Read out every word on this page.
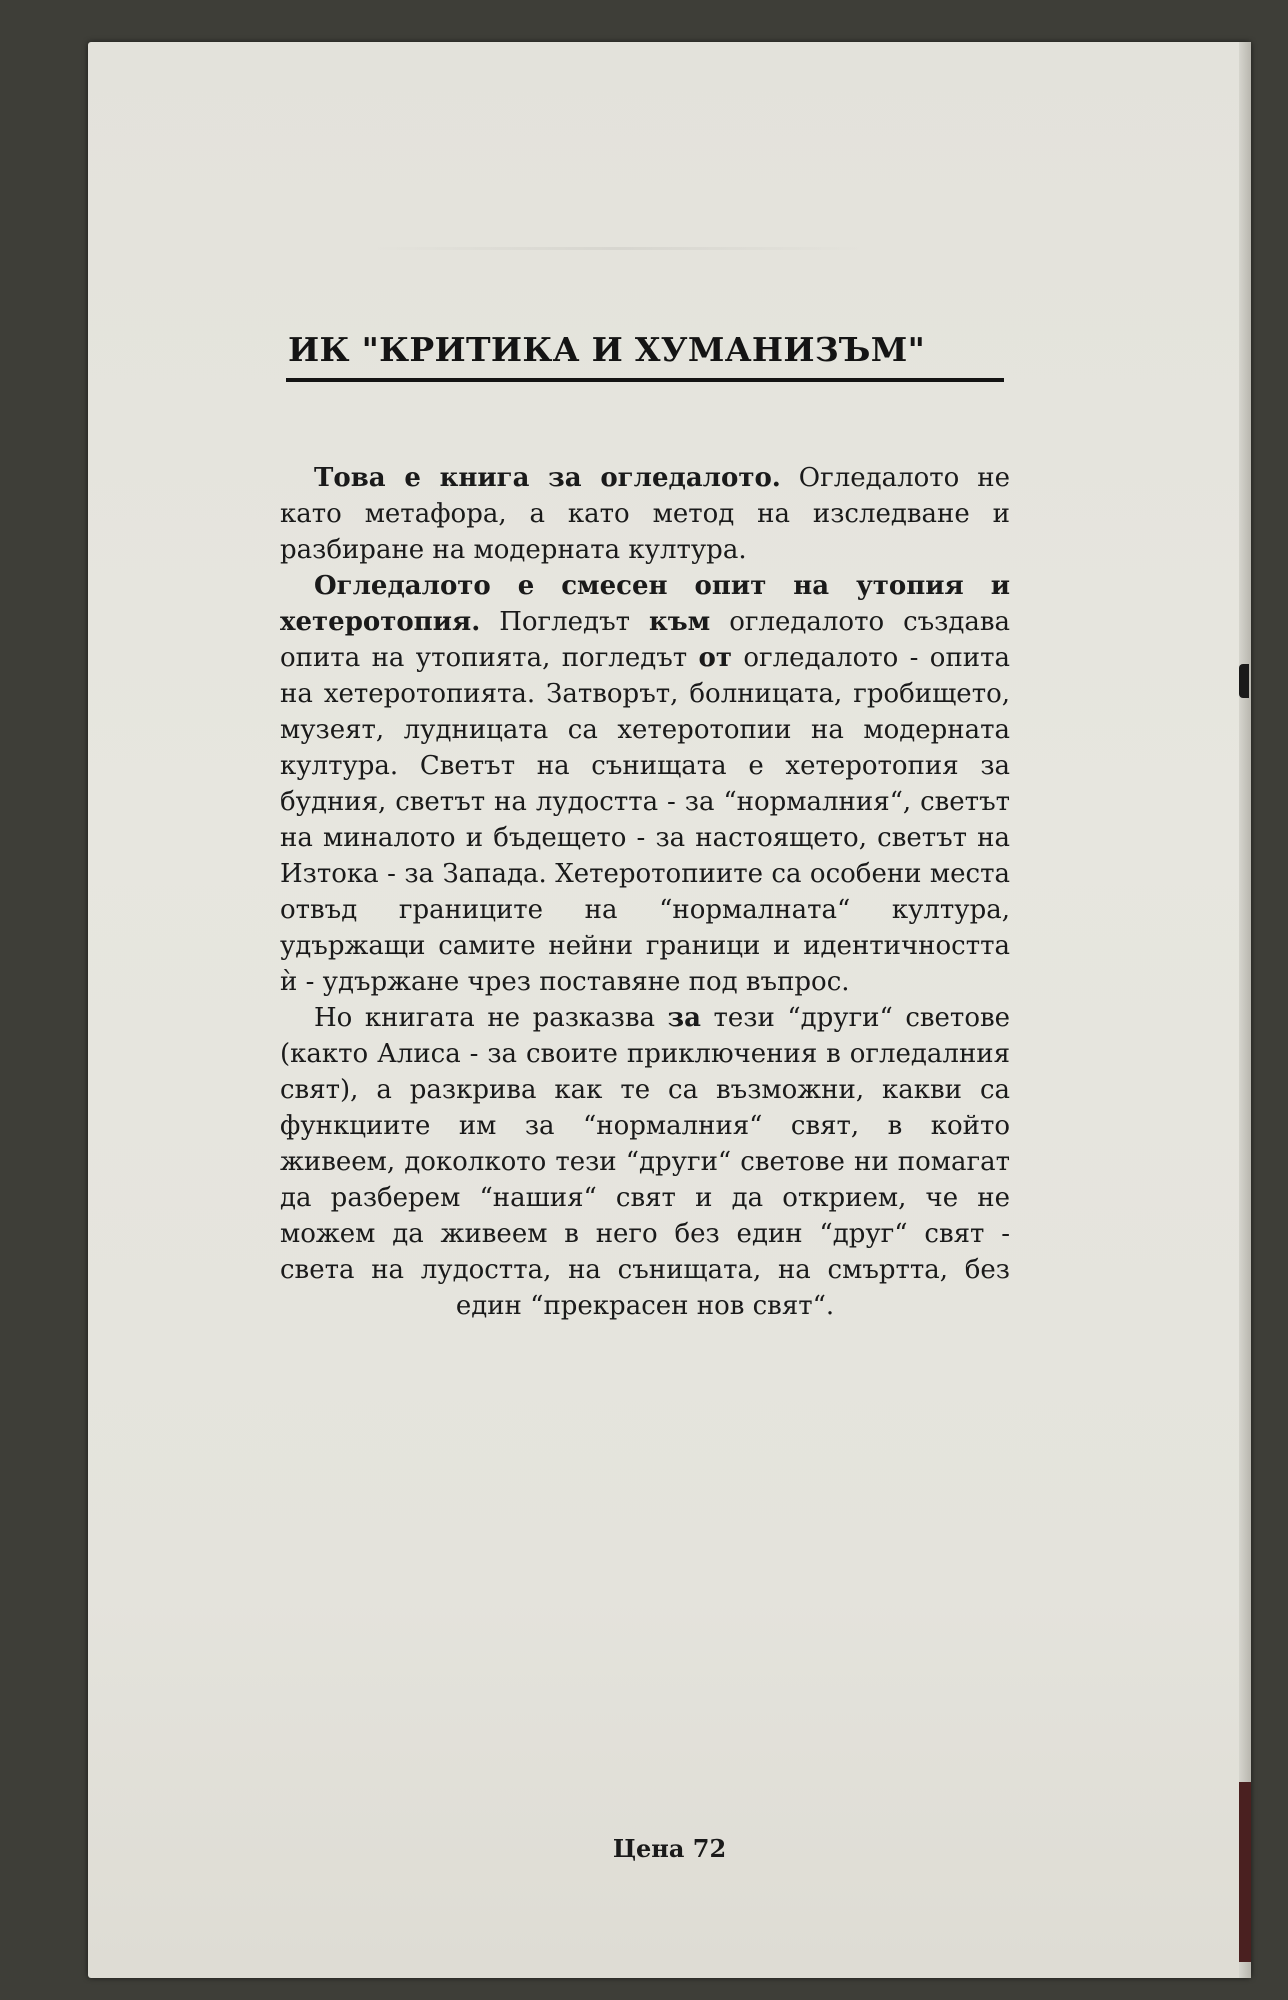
ИК "КРИТИКА И ХУМАНИЗЪМ"

Това е книга за огледалото. Огледалото не като метафора, а като метод на изследване и разбиране на модерната култура.

Огледалото е смесен опит на утопия и хетеротопия. Погледът към огледалото създава опита на утопията, погледът от огледалото - опита на хетеротопията. Затворът, болницата, гробището, музеят, лудницата са хетеротопии на модерната култура. Светът на сънищата е хетеротопия за будния, светът на лудостта - за “нормалния“, светът на миналото и бъдещето - за настоящето, светът на Изтока - за Запада. Хетеротопиите са особени места отвъд границите на “нормалната“ култура, удържащи самите нейни граници и идентичността ѝ - удържане чрез поставяне под въпрос.

Но книгата не разказва за тези “други“ светове (както Алиса - за своите приключения в огледалния свят), а разкрива как те са възможни, какви са функциите им за “нормалния“ свят, в който живеем, доколкото тези “други“ светове ни помагат да разберем “нашия“ свят и да открием, че не можем да живеем в него без един “друг“ свят - света на лудостта, на сънищата, на смъртта, без един “прекрасен нов свят“.

Цена 72
